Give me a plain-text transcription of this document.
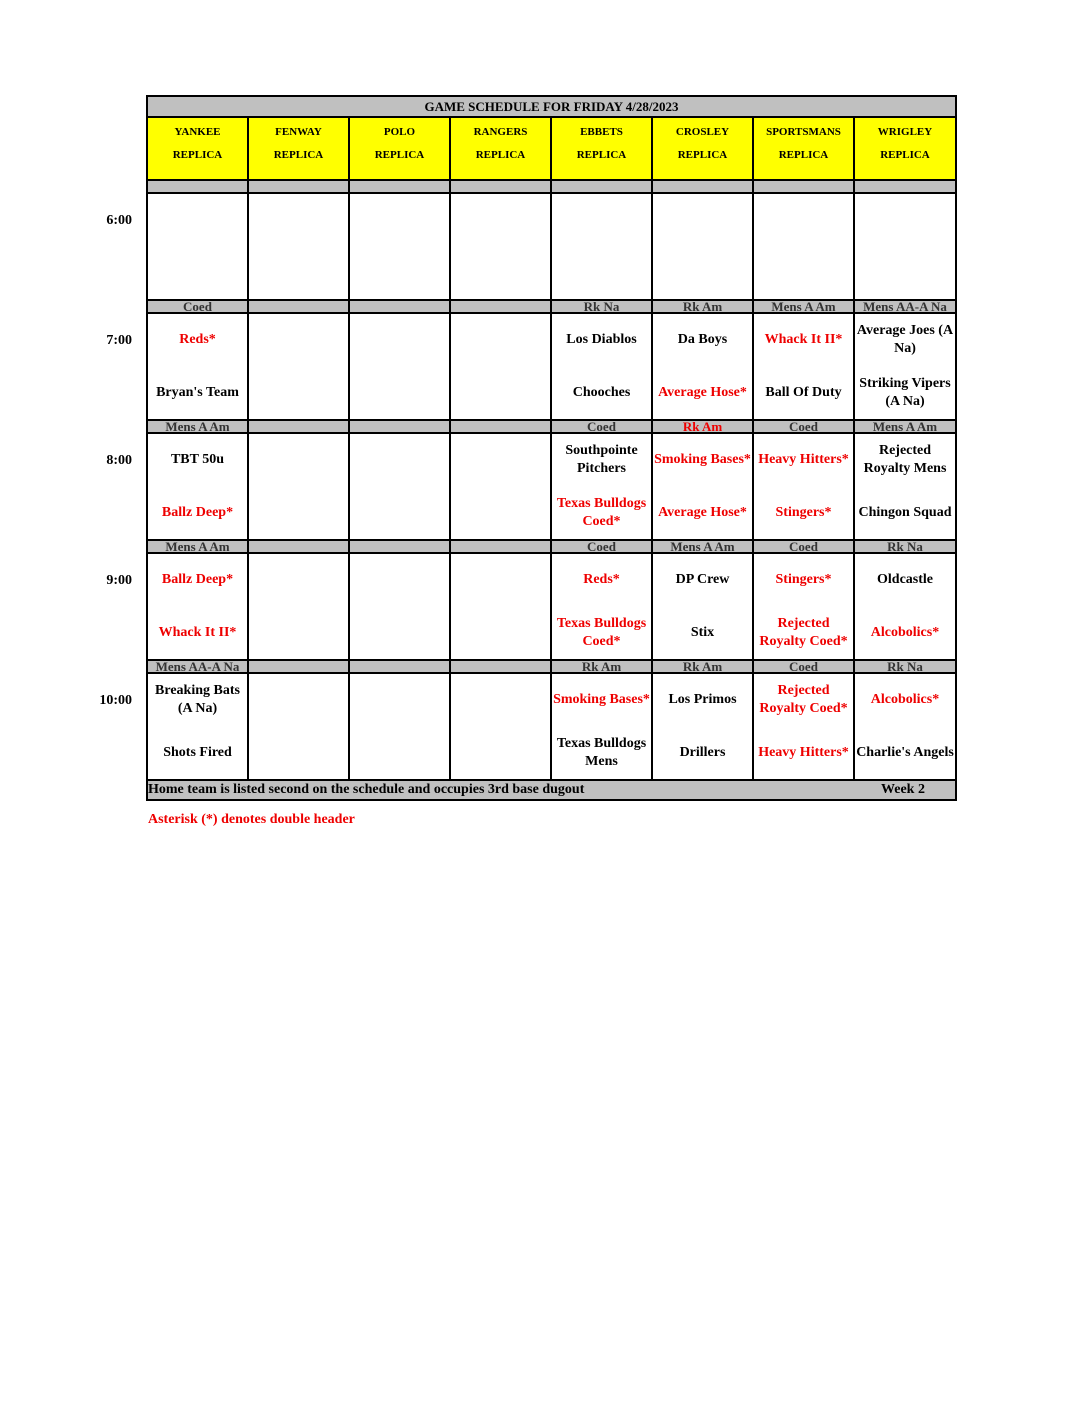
GAME SCHEDULE FOR FRIDAY 4/28/2023
YANKEE
REPLICA
FENWAY
REPLICA
POLO
REPLICA
RANGERS
REPLICA
EBBETS
REPLICA
CROSLEY
REPLICA
SPORTSMANS
REPLICA
WRIGLEY
REPLICA
6:00
7:00
Coed
Reds*
Bryan's Team
Rk Na
Los Diablos
Chooches
Rk Am
Da Boys
Average Hose*
Mens A Am
Whack It II*
Ball Of Duty
Mens AA-A Na
Average Joes (A Na)
Striking Vipers (A Na)
8:00
Mens A Am
TBT 50u
Ballz Deep*
Coed
Southpointe Pitchers
Texas Bulldogs Coed*
Rk Am
Smoking Bases*
Average Hose*
Coed
Heavy Hitters*
Stingers*
Mens A Am
Rejected Royalty Mens
Chingon Squad
9:00
Mens A Am
Ballz Deep*
Whack It II*
Coed
Reds*
Texas Bulldogs Coed*
Mens A Am
DP Crew
Stix
Coed
Stingers*
Rejected Royalty Coed*
Rk Na
Oldcastle
Alcobolics*
10:00
Mens AA-A Na
Breaking Bats (A Na)
Shots Fired
Rk Am
Smoking Bases*
Texas Bulldogs Mens
Rk Am
Los Primos
Drillers
Coed
Rejected Royalty Coed*
Heavy Hitters*
Rk Na
Alcobolics*
Charlie's Angels
Home team is listed second on the schedule and occupies 3rd base dugout	Week 2
Asterisk (*) denotes double header
